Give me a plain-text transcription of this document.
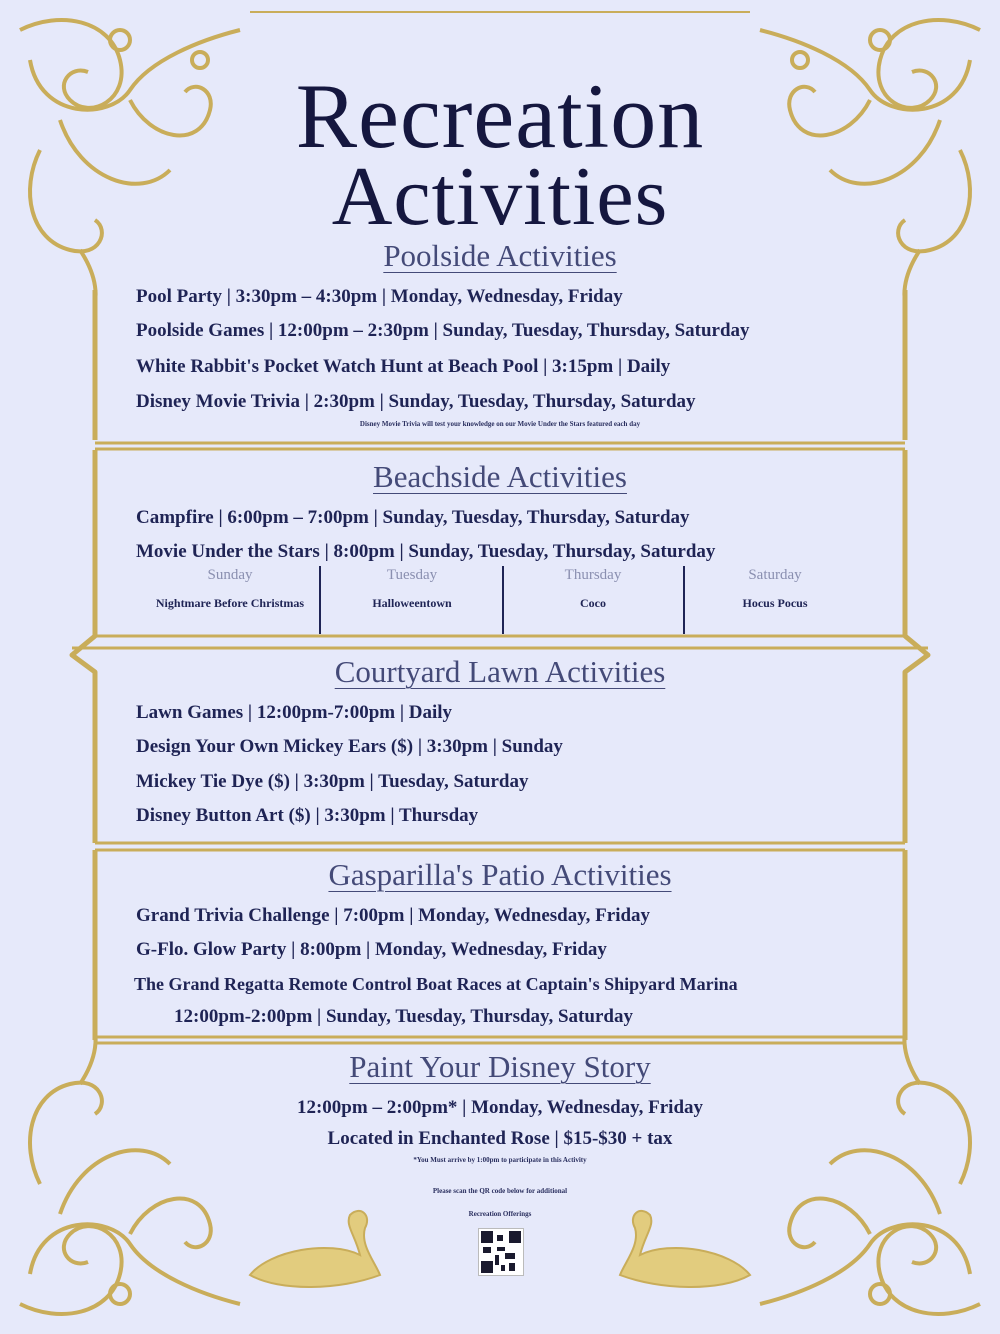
Recreation
Activities
Poolside Activities
Pool Party | 3:30pm – 4:30pm | Monday, Wednesday, Friday
Poolside Games | 12:00pm – 2:30pm | Sunday, Tuesday, Thursday, Saturday
White Rabbit's Pocket Watch Hunt at Beach Pool | 3:15pm | Daily
Disney Movie Trivia | 2:30pm | Sunday, Tuesday, Thursday, Saturday
Disney Movie Trivia will test your knowledge on our Movie Under the Stars featured each day
Beachside Activities
Campfire | 6:00pm – 7:00pm | Sunday, Tuesday, Thursday, Saturday
Movie Under the Stars | 8:00pm | Sunday, Tuesday, Thursday, Saturday
Sunday
Nightmare Before Christmas
Tuesday
Halloweentown
Thursday
Coco
Saturday
Hocus Pocus
Courtyard Lawn Activities
Lawn Games | 12:00pm-7:00pm | Daily
Design Your Own Mickey Ears ($) | 3:30pm | Sunday
Mickey Tie Dye ($) | 3:30pm | Tuesday, Saturday
Disney Button Art ($) | 3:30pm | Thursday
Gasparilla's Patio Activities
Grand Trivia Challenge | 7:00pm | Monday, Wednesday, Friday
G-Flo. Glow Party | 8:00pm | Monday, Wednesday, Friday
The Grand Regatta Remote Control Boat Races at Captain's Shipyard Marina
12:00pm-2:00pm | Sunday, Tuesday, Thursday, Saturday
Paint Your Disney Story
12:00pm – 2:00pm* | Monday, Wednesday, Friday
Located in Enchanted Rose | $15-$30 + tax
*You Must arrive by 1:00pm to participate in this Activity
Please scan the QR code below for additional
Recreation Offerings
